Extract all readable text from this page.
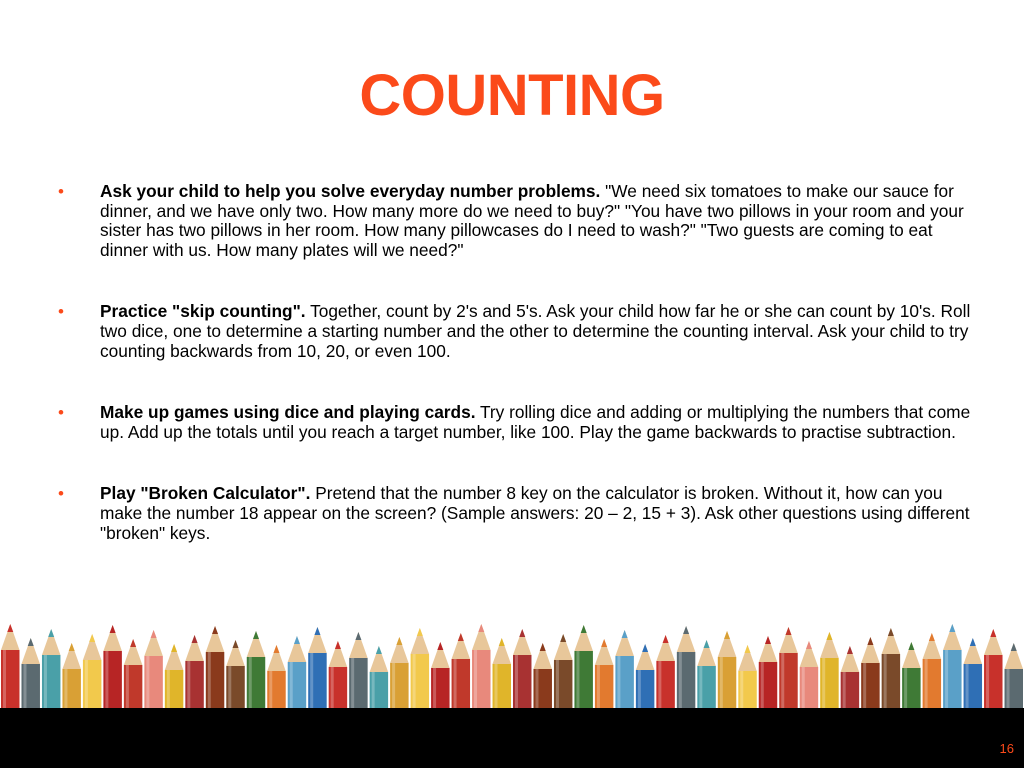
COUNTING
• Ask your child to help you solve everyday number problems. "We need six tomatoes to make our sauce for dinner, and we have only two. How many more do we need to buy?" "You have two pillows in your room and your sister has two pillows in her room. How many pillowcases do I need to wash?" "Two guests are coming to eat dinner with us. How many plates will we need?"
• Practice "skip counting". Together, count by 2's and 5's. Ask your child how far he or she can count by 10's. Roll two dice, one to determine a starting number and the other to determine the counting interval. Ask your child to try counting backwards from 10, 20, or even 100.
• Make up games using dice and playing cards. Try rolling dice and adding or multiplying the numbers that come up. Add up the totals until you reach a target number, like 100. Play the game backwards to practise subtraction.
• Play "Broken Calculator". Pretend that the number 8 key on the calculator is broken. Without it, how can you make the number 18 appear on the screen? (Sample answers: 20 – 2, 15 + 3). Ask other questions using different "broken" keys.
16
